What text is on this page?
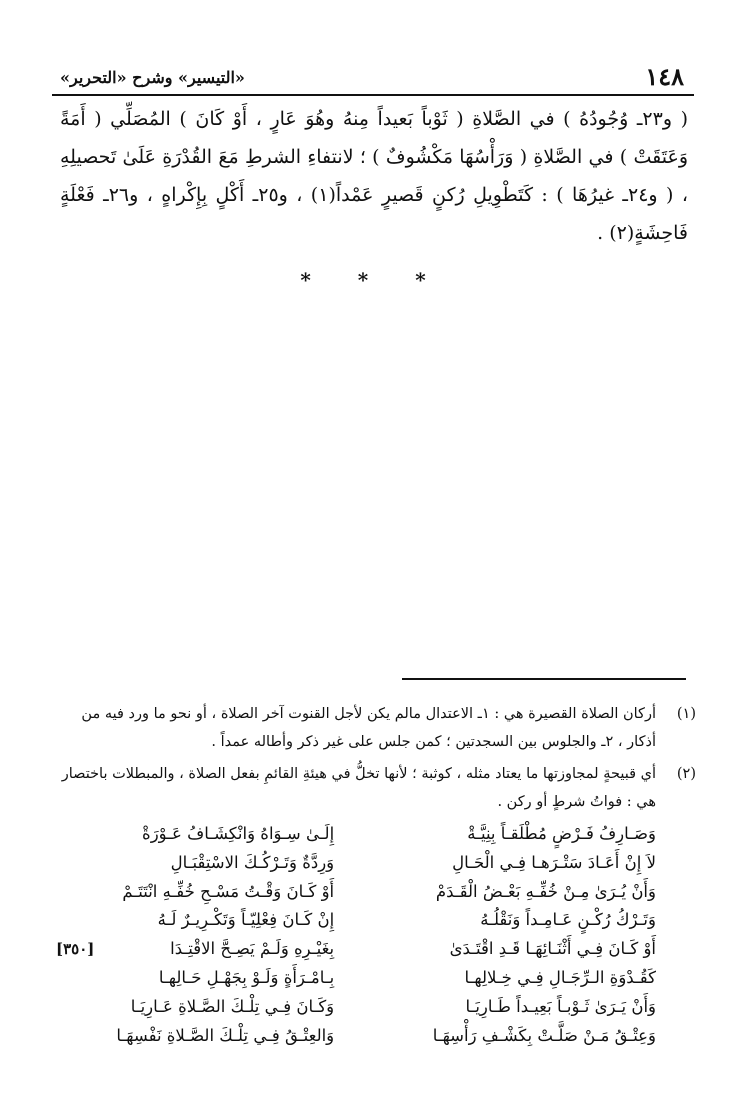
١٤٨
«التيسير» وشرح «التحرير»

( و٢٣ـ وُجُودُهُ ) في الصَّلاةِ ( ثَوْباً بَعيداً مِنهُ وهُوَ عَارٍ ، أَوْ كَانَ ) المُصَلِّي ( أَمَةً وَعَتَقَتْ ) في الصَّلاةِ ( وَرَأْسُهَا مَكْشُوفٌ ) ؛ لانتفاءِ الشرطِ مَعَ القُدْرَةِ عَلَىٰ تَحصيلِهِ ، ( و٢٤ـ غيرُهَا ) : كَتَطْوِيلِ رُكنٍ قَصيرٍ عَمْداً(١) ، و٢٥ـ أَكْلٍ بِإِكْراهٍ ، و٢٦ـ فَعْلَةٍ فَاحِشَةٍ(٢) .

* * *
(١)
أركان الصلاة القصيرة هي : ١ـ الاعتدال مالم يكن لأجل القنوت آخر الصلاة ، أو نحو ما ورد فيه من أذكار ، ٢ـ والجلوس بين السجدتين ؛ كمن جلس على غير ذكر وأطاله عمداً .
(٢)
أي قبيحةٍ لمجاوزتها ما يعتاد مثله ، كوثبة ؛ لأنها تخلُّ في هيئةِ القائمِ بفعل الصلاة ، والمبطلات باختصار هي : فواتُ شرطٍ أو ركن .
وَصَـارِفُ فَـرْضٍ مُطْلَقـاً بِنِيَّـةْ
إِلَـىٰ سِـوَاهُ وَانْكِشَـافُ عَـوْرَةْ
لاَ إِنْ أَعَـادَ سَتْـرَهـا فِـي الْحَـالِ
وَرِدَّةٌ وَتَـرْكُـكَ الاسْتِقْبَـالِ
وَأَنْ يُـرَىٰ مِـنْ خُفِّـهِ بَعْـضُ الْقَـدَمْ
أَوْ كَـانَ وَقْـتُ مَسْـحِ خُفِّـهِ انْتَتَـمْ
وَتَـرْكُ رُكْـنٍ عَـامِـداً وَنَقْلُـهُ
إِنْ كَـانَ فِعْلِيّـاً وَتَكْـرِيـرٌ لَـهُ
أَوْ كَـانَ فِـي أَثْنَـائِهَـا قَـدِ اقْتَـدَىٰ
بِغَيْـرِهِ وَلَـمْ يَصِـحَّ الاقْتِـدَا
[٣٥٠]
كَقُـدْوَةِ الـرِّجَـالِ فِـي خِـلالِهـا
بِـامْـرَأَةٍ وَلَـوْ بِجَهْـلِ حَـالِهـا
وَأَنْ يَـرَىٰ ثَـوْبـاً بَعِيـداً طَـارِيَـا
وَكَـانَ فِـي تِلْـكَ الصَّـلاةِ عَـارِيَـا
وَعِتْـقُ مَـنْ صَلَّـتْ بِكَشْـفِ رَأْسِهَـا
وَالعِتْـقُ فِـي تِلْـكَ الصَّـلاةِ نَفْسِهَـا
